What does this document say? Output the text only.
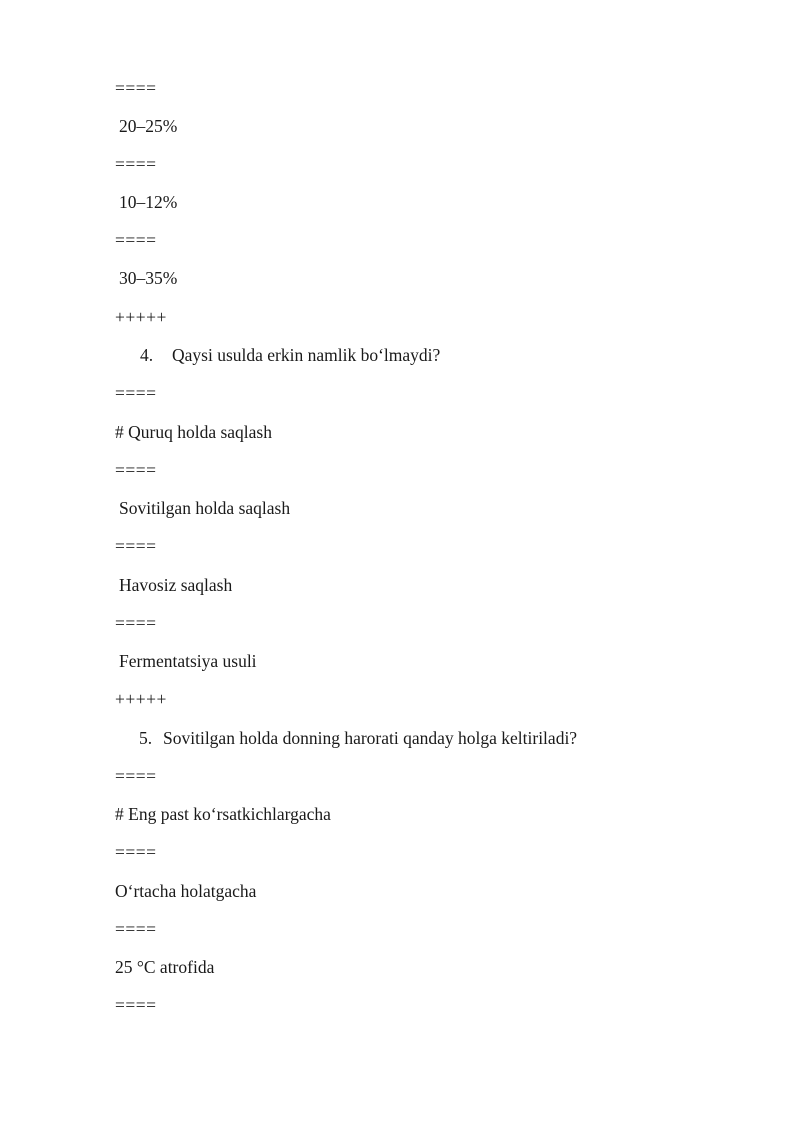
====
20–25%
====
10–12%
====
30–35%
+++++
4. Qaysi usulda erkin namlik bo‘lmaydi?
====
# Quruq holda saqlash
====
Sovitilgan holda saqlash
====
Havosiz saqlash
====
Fermentatsiya usuli
+++++
5. Sovitilgan holda donning harorati qanday holga keltiriladi?
====
# Eng past ko‘rsatkichlargacha
====
O‘rtacha holatgacha
====
25 °C atrofida
====
